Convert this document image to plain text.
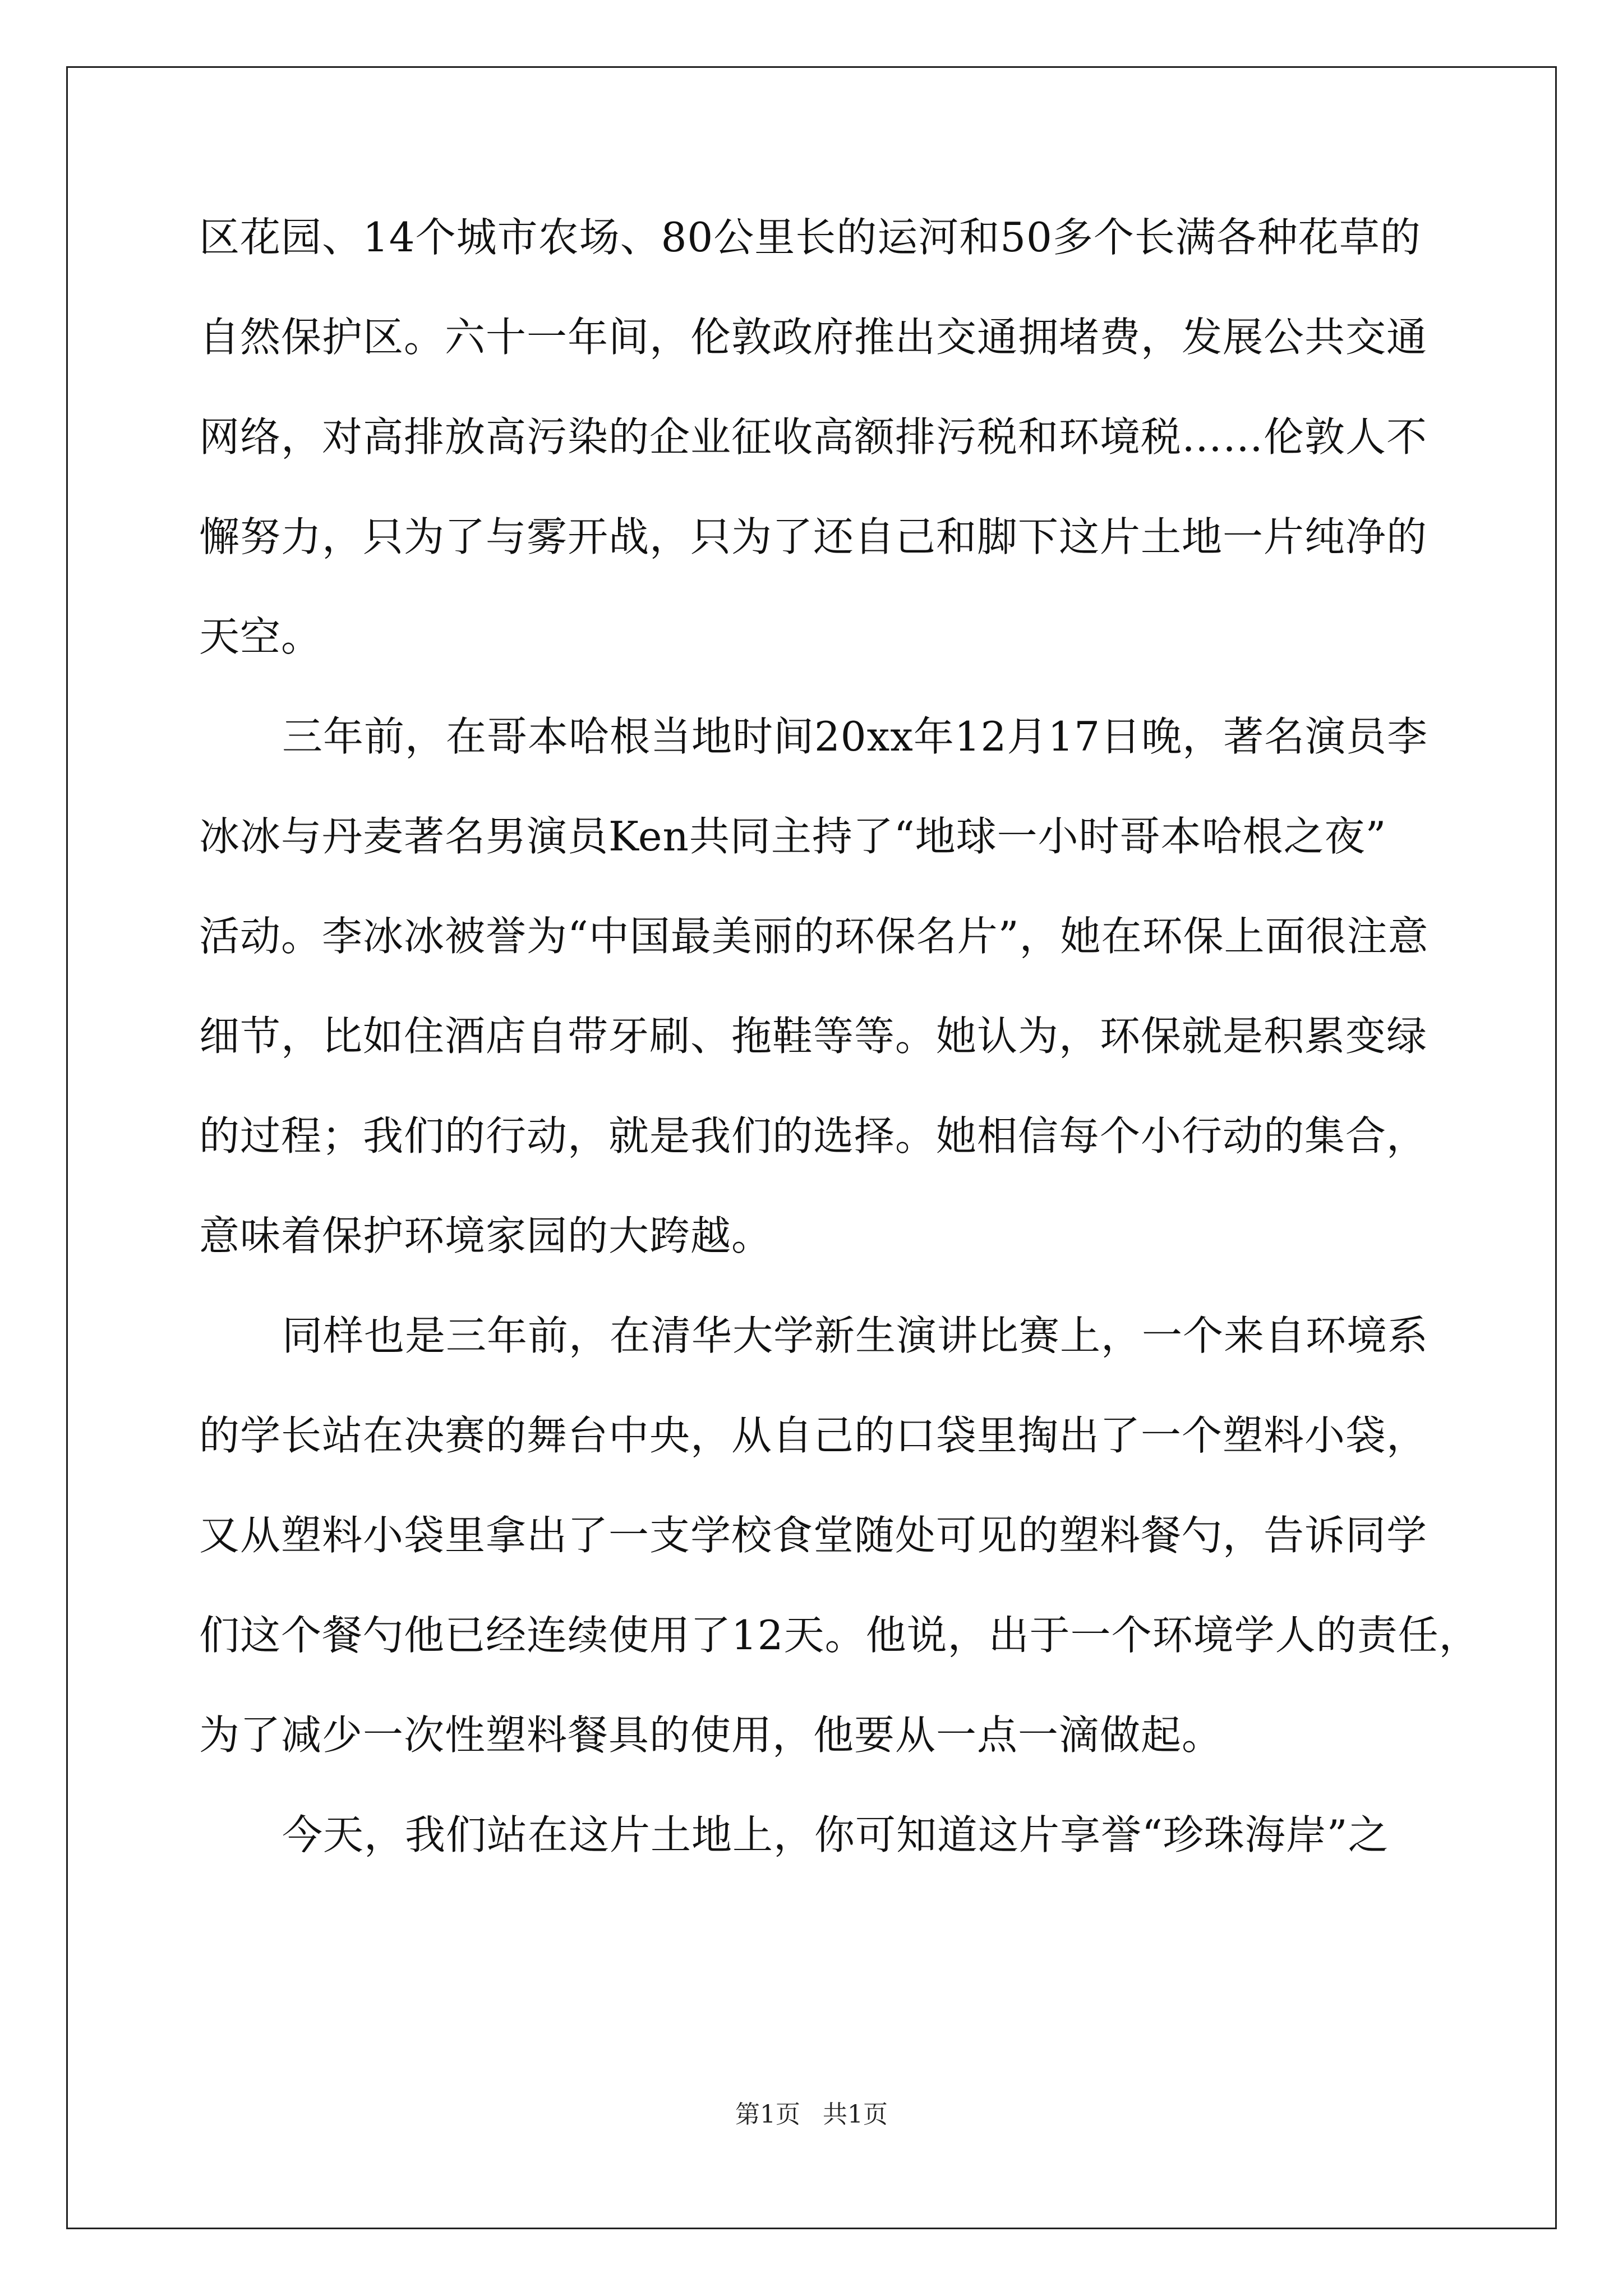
区花园、14个城市农场、80公里长的运河和50多个长满各种花草的
自然保护区。六十一年间，伦敦政府推出交通拥堵费，发展公共交通
网络，对高排放高污染的企业征收高额排污税和环境税……伦敦人不
懈努力，只为了与雾开战，只为了还自己和脚下这片土地一片纯净的
天空。
三年前，在哥本哈根当地时间20xx年12月17日晚，著名演员李
冰冰与丹麦著名男演员Ken共同主持了“地球一小时哥本哈根之夜”
活动。李冰冰被誉为“中国最美丽的环保名片”，她在环保上面很注意
细节，比如住酒店自带牙刷、拖鞋等等。她认为，环保就是积累变绿
的过程；我们的行动，就是我们的选择。她相信每个小行动的集合，
意味着保护环境家园的大跨越。
同样也是三年前，在清华大学新生演讲比赛上，一个来自环境系
的学长站在决赛的舞台中央，从自己的口袋里掏出了一个塑料小袋，
又从塑料小袋里拿出了一支学校食堂随处可见的塑料餐勺，告诉同学
们这个餐勺他已经连续使用了12天。他说，出于一个环境学人的责任，
为了减少一次性塑料餐具的使用，他要从一点一滴做起。
今天，我们站在这片土地上，你可知道这片享誉“珍珠海岸”之
第1页 共1页
